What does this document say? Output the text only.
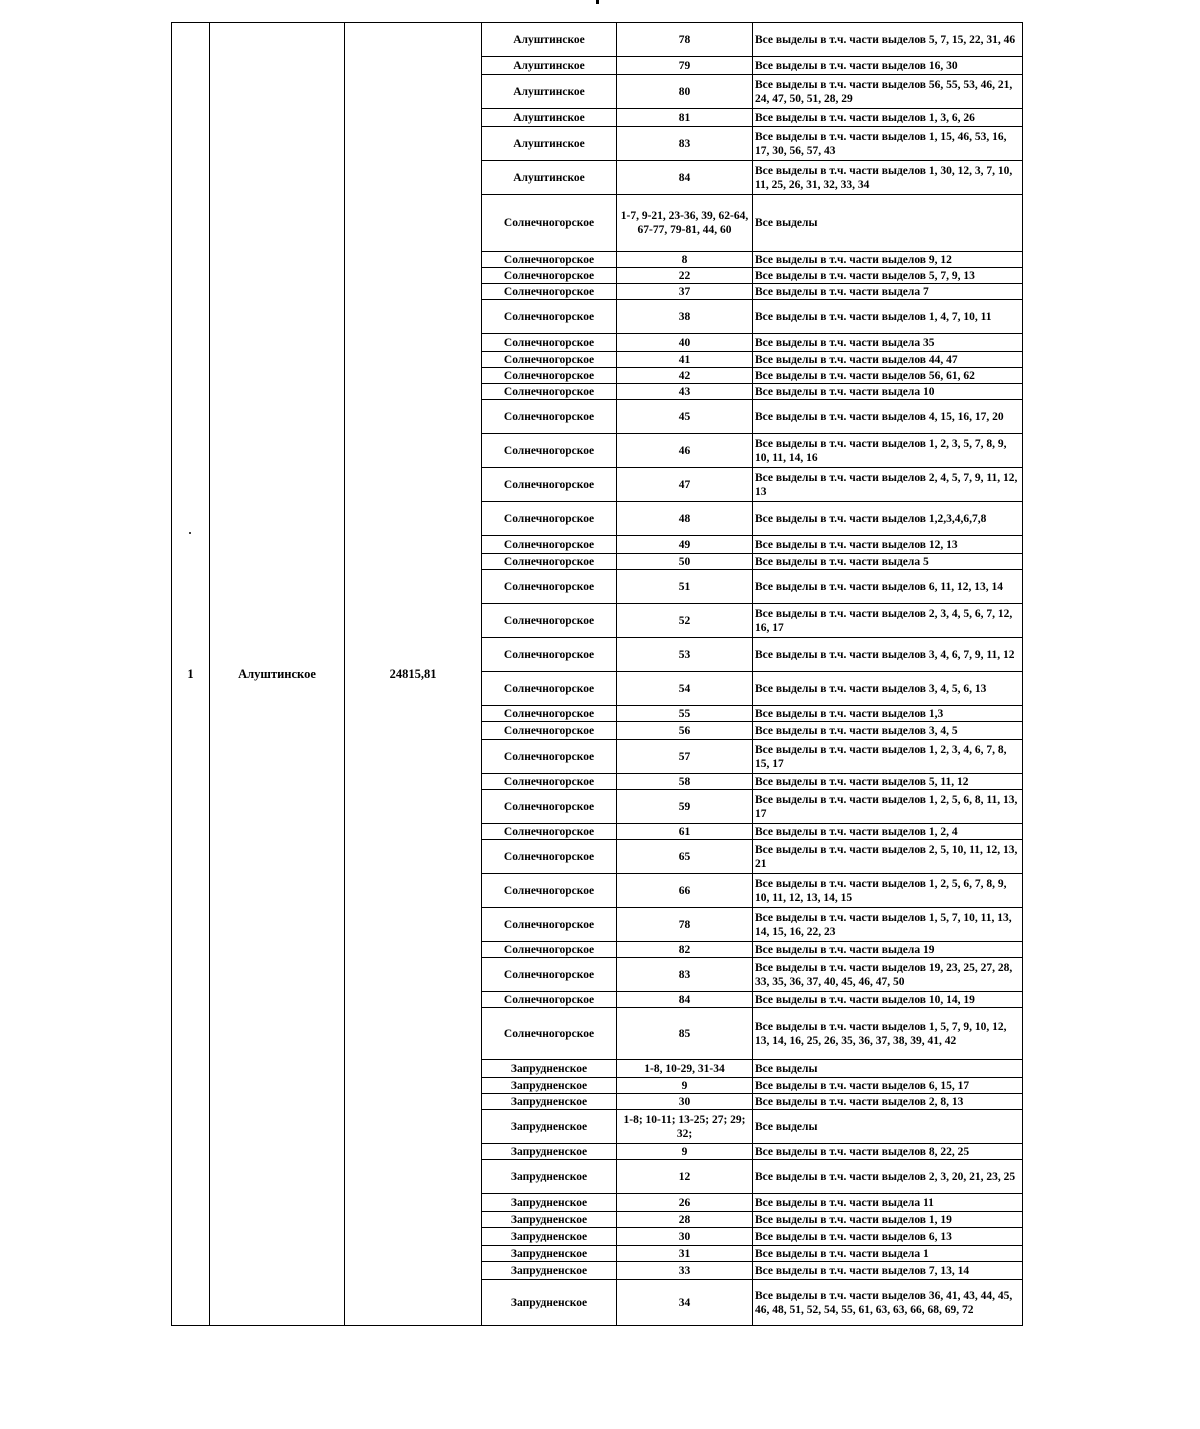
1	Алуштинское	24815,81	Алуштинское	78	Все выделы в т.ч. части выделов 5, 7, 15, 22, 31, 46
			Алуштинское	79	Все выделы в т.ч. части выделов 16, 30
			Алуштинское	80	Все выделы в т.ч. части выделов 56, 55, 53, 46, 21, 24, 47, 50, 51, 28, 29
			Алуштинское	81	Все выделы в т.ч. части выделов 1, 3, 6, 26
			Алуштинское	83	Все выделы в т.ч. части выделов 1, 15, 46, 53, 16, 17, 30, 56, 57, 43
			Алуштинское	84	Все выделы в т.ч. части выделов 1, 30, 12, 3, 7, 10, 11, 25, 26, 31, 32, 33, 34
			Солнечногорское	1-7, 9-21, 23-36, 39, 62-64, 67-77, 79-81, 44, 60	Все выделы
			Солнечногорское	8	Все выделы в т.ч. части выделов 9, 12
			Солнечногорское	22	Все выделы в т.ч. части выделов 5, 7, 9, 13
			Солнечногорское	37	Все выделы в т.ч. части выдела 7
			Солнечногорское	38	Все выделы в т.ч. части выделов 1, 4, 7, 10, 11
			Солнечногорское	40	Все выделы в т.ч. части выдела 35
			Солнечногорское	41	Все выделы в т.ч. части выделов 44, 47
			Солнечногорское	42	Все выделы в т.ч. части выделов 56, 61, 62
			Солнечногорское	43	Все выделы в т.ч. части выдела 10
			Солнечногорское	45	Все выделы в т.ч. части выделов 4, 15, 16, 17, 20
			Солнечногорское	46	Все выделы в т.ч. части выделов 1, 2, 3, 5, 7, 8, 9, 10, 11, 14, 16
			Солнечногорское	47	Все выделы в т.ч. части выделов 2, 4, 5, 7, 9, 11, 12, 13
			Солнечногорское	48	Все выделы в т.ч. части выделов 1,2,3,4,6,7,8
			Солнечногорское	49	Все выделы в т.ч. части выделов 12, 13
			Солнечногорское	50	Все выделы в т.ч. части выдела 5
			Солнечногорское	51	Все выделы в т.ч. части выделов 6, 11, 12, 13, 14
			Солнечногорское	52	Все выделы в т.ч. части выделов 2, 3, 4, 5, 6, 7, 12, 16, 17
			Солнечногорское	53	Все выделы в т.ч. части выделов 3, 4, 6, 7, 9, 11, 12
			Солнечногорское	54	Все выделы в т.ч. части выделов 3, 4, 5, 6, 13
			Солнечногорское	55	Все выделы в т.ч. части выделов 1,3
			Солнечногорское	56	Все выделы в т.ч. части выделов 3, 4, 5
			Солнечногорское	57	Все выделы в т.ч. части выделов 1, 2, 3, 4, 6, 7, 8, 15, 17
			Солнечногорское	58	Все выделы в т.ч. части выделов 5, 11, 12
			Солнечногорское	59	Все выделы в т.ч. части выделов 1, 2, 5, 6, 8, 11, 13, 17
			Солнечногорское	61	Все выделы в т.ч. части выделов 1, 2, 4
			Солнечногорское	65	Все выделы в т.ч. части выделов 2, 5, 10, 11, 12, 13, 21
			Солнечногорское	66	Все выделы в т.ч. части выделов 1, 2, 5, 6, 7, 8, 9, 10, 11, 12, 13, 14, 15
			Солнечногорское	78	Все выделы в т.ч. части выделов 1, 5, 7, 10, 11, 13, 14, 15, 16, 22, 23
			Солнечногорское	82	Все выделы в т.ч. части выдела 19
			Солнечногорское	83	Все выделы в т.ч. части выделов 19, 23, 25, 27, 28, 33, 35, 36, 37, 40, 45, 46, 47, 50
			Солнечногорское	84	Все выделы в т.ч. части выделов 10, 14, 19
			Солнечногорское	85	Все выделы в т.ч. части выделов 1, 5, 7, 9, 10, 12, 13, 14, 16, 25, 26, 35, 36, 37, 38, 39, 41, 42
			Запрудненское	1-8, 10-29, 31-34	Все выделы
			Запрудненское	9	Все выделы в т.ч. части выделов 6, 15, 17
			Запрудненское	30	Все выделы в т.ч. части выделов 2, 8, 13
			Запрудненское	1-8; 10-11; 13-25; 27; 29; 32;	Все выделы
			Запрудненское	9	Все выделы в т.ч. части выделов 8, 22, 25
			Запрудненское	12	Все выделы в т.ч. части выделов 2, 3, 20, 21, 23, 25
			Запрудненское	26	Все выделы в т.ч. части выдела 11
			Запрудненское	28	Все выделы в т.ч. части выделов 1, 19
			Запрудненское	30	Все выделы в т.ч. части выделов 6, 13
			Запрудненское	31	Все выделы в т.ч. части выдела 1
			Запрудненское	33	Все выделы в т.ч. части выделов 7, 13, 14
			Запрудненское	34	Все выделы в т.ч. части выделов 36, 41, 43, 44, 45, 46, 48, 51, 52, 54, 55, 61, 63, 63, 66, 68, 69, 72
